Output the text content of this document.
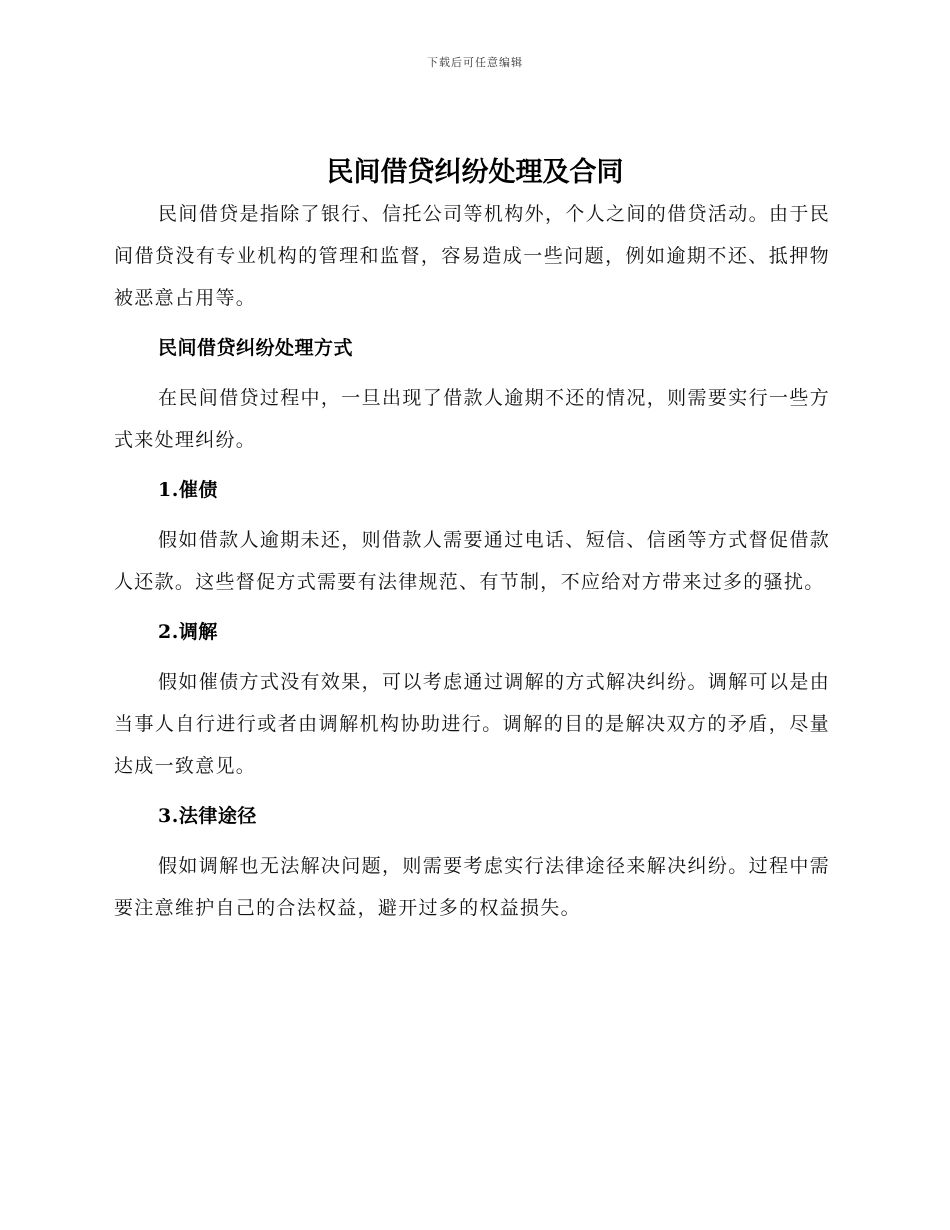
下载后可任意编辑
民间借贷纠纷处理及合同

民间借贷是指除了银行、信托公司等机构外，个人之间的借贷活动。由于民间借贷没有专业机构的管理和监督，容易造成一些问题，例如逾期不还、抵押物被恶意占用等。

民间借贷纠纷处理方式

在民间借贷过程中，一旦出现了借款人逾期不还的情况，则需要实行一些方式来处理纠纷。

1.催债

假如借款人逾期未还，则借款人需要通过电话、短信、信函等方式督促借款人还款。这些督促方式需要有法律规范、有节制，不应给对方带来过多的骚扰。

2.调解

假如催债方式没有效果，可以考虑通过调解的方式解决纠纷。调解可以是由当事人自行进行或者由调解机构协助进行。调解的目的是解决双方的矛盾，尽量达成一致意见。

3.法律途径

假如调解也无法解决问题，则需要考虑实行法律途径来解决纠纷。过程中需要注意维护自己的合法权益，避开过多的权益损失。
